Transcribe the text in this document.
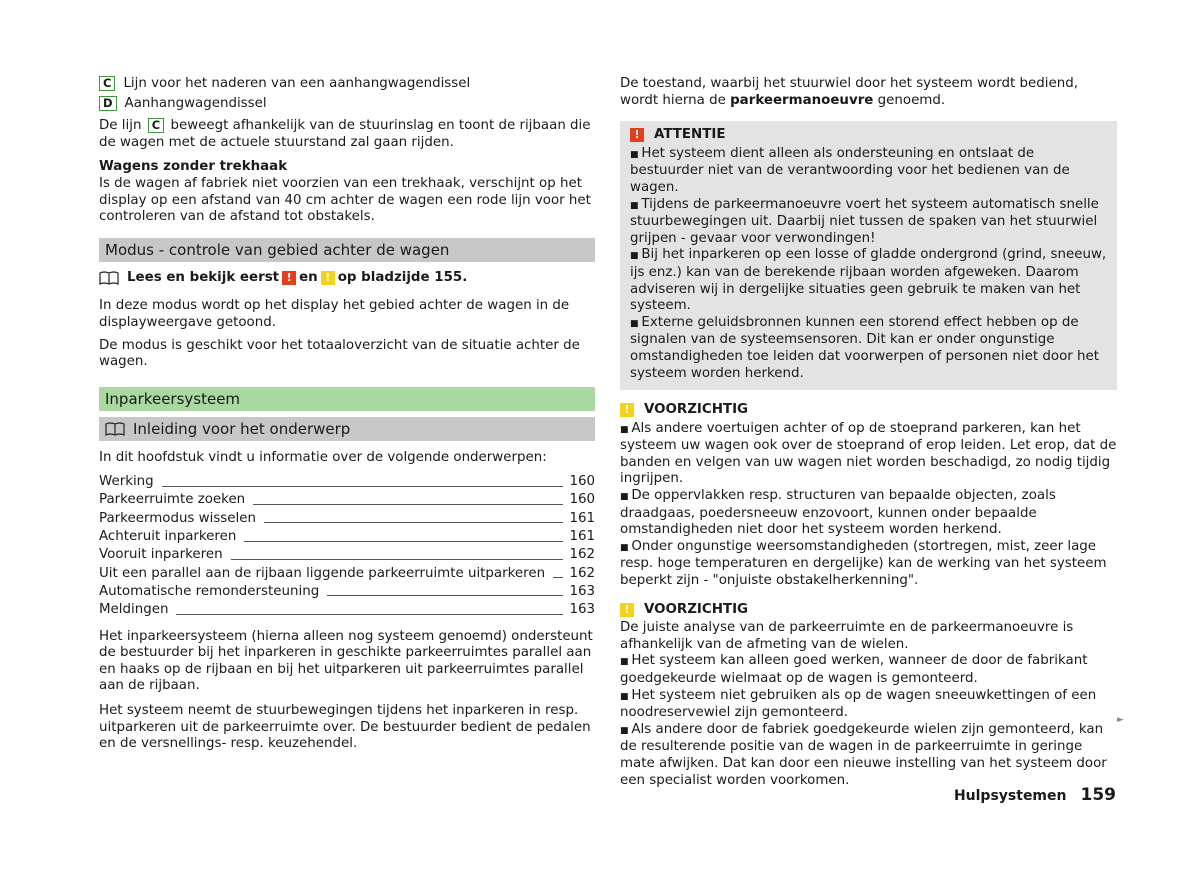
C Lijn voor het naderen van een aanhangwagendissel
D Aanhangwagendissel

De lijn C beweegt afhankelijk van de stuurinslag en toont de rijbaan die de wagen met de actuele stuurstand zal gaan rijden.

Wagens zonder trekhaak

Is de wagen af fabriek niet voorzien van een trekhaak, verschijnt op het display op een afstand van 40 cm achter de wagen een rode lijn voor het controleren van de afstand tot obstakels.

Modus - controle van gebied achter de wagen
Lees en bekijk eerst ! en ! op bladzijde 155.

In deze modus wordt op het display het gebied achter de wagen in de displayweergave getoond.

De modus is geschikt voor het totaaloverzicht van de situatie achter de wagen.

Inparkeersysteem
Inleiding voor het onderwerp

In dit hoofdstuk vindt u informatie over de volgende onderwerpen:

Werking	160
Parkeerruimte zoeken	160
Parkeermodus wisselen	161
Achteruit inparkeren	161
Vooruit inparkeren	162
Uit een parallel aan de rijbaan liggende parkeerruimte uitparkeren 162
Automatische remondersteuning	163
Meldingen	163

Het inparkeersysteem (hierna alleen nog systeem genoemd) ondersteunt de bestuurder bij het inparkeren in geschikte parkeerruimtes parallel aan en haaks op de rijbaan en bij het uitparkeren uit parkeerruimtes parallel aan de rijbaan.

Het systeem neemt de stuurbewegingen tijdens het inparkeren in resp. uitparkeren uit de parkeerruimte over. De bestuurder bedient de pedalen en de versnellings- resp. keuzehendel.

De toestand, waarbij het stuurwiel door het systeem wordt bediend, wordt hierna de parkeermanoeuvre genoemd.

!	ATTENTIE

■ Het systeem dient alleen als ondersteuning en ontslaat de bestuurder niet van de verantwoording voor het bedienen van de wagen.

■ Tijdens de parkeermanoeuvre voert het systeem automatisch snelle stuurbewegingen uit. Daarbij niet tussen de spaken van het stuurwiel grijpen - gevaar voor verwondingen!

■ Bij het inparkeren op een losse of gladde ondergrond (grind, sneeuw, ijs enz.) kan van de berekende rijbaan worden afgeweken. Daarom adviseren wij in dergelijke situaties geen gebruik te maken van het systeem.

■ Externe geluidsbronnen kunnen een storend effect hebben op de signalen van de systeemsensoren. Dit kan er onder ongunstige omstandigheden toe leiden dat voorwerpen of personen niet door het systeem worden herkend.

!	VOORZICHTIG

■ Als andere voertuigen achter of op de stoeprand parkeren, kan het systeem uw wagen ook over de stoeprand of erop leiden. Let erop, dat de banden en velgen van uw wagen niet worden beschadigd, zo nodig tijdig ingrijpen.

■ De oppervlakken resp. structuren van bepaalde objecten, zoals draadgaas, poedersneeuw enzovoort, kunnen onder bepaalde omstandigheden niet door het systeem worden herkend.

■ Onder ongunstige weersomstandigheden (stortregen, mist, zeer lage resp. hoge temperaturen en dergelijke) kan de werking van het systeem beperkt zijn - "onjuiste obstakelherkenning".

!	VOORZICHTIG

De juiste analyse van de parkeerruimte en de parkeermanoeuvre is afhankelijk van de afmeting van de wielen.

■ Het systeem kan alleen goed werken, wanneer de door de fabrikant goedgekeurde wielmaat op de wagen is gemonteerd.

■ Het systeem niet gebruiken als op de wagen sneeuwkettingen of een noodreservewiel zijn gemonteerd.

■ Als andere door de fabriek goedgekeurde wielen zijn gemonteerd, kan de resulterende positie van de wagen in de parkeerruimte in geringe mate afwijken. Dat kan door een nieuwe instelling van het systeem door een specialist worden voorkomen.

►
Hulpsystemen 159
